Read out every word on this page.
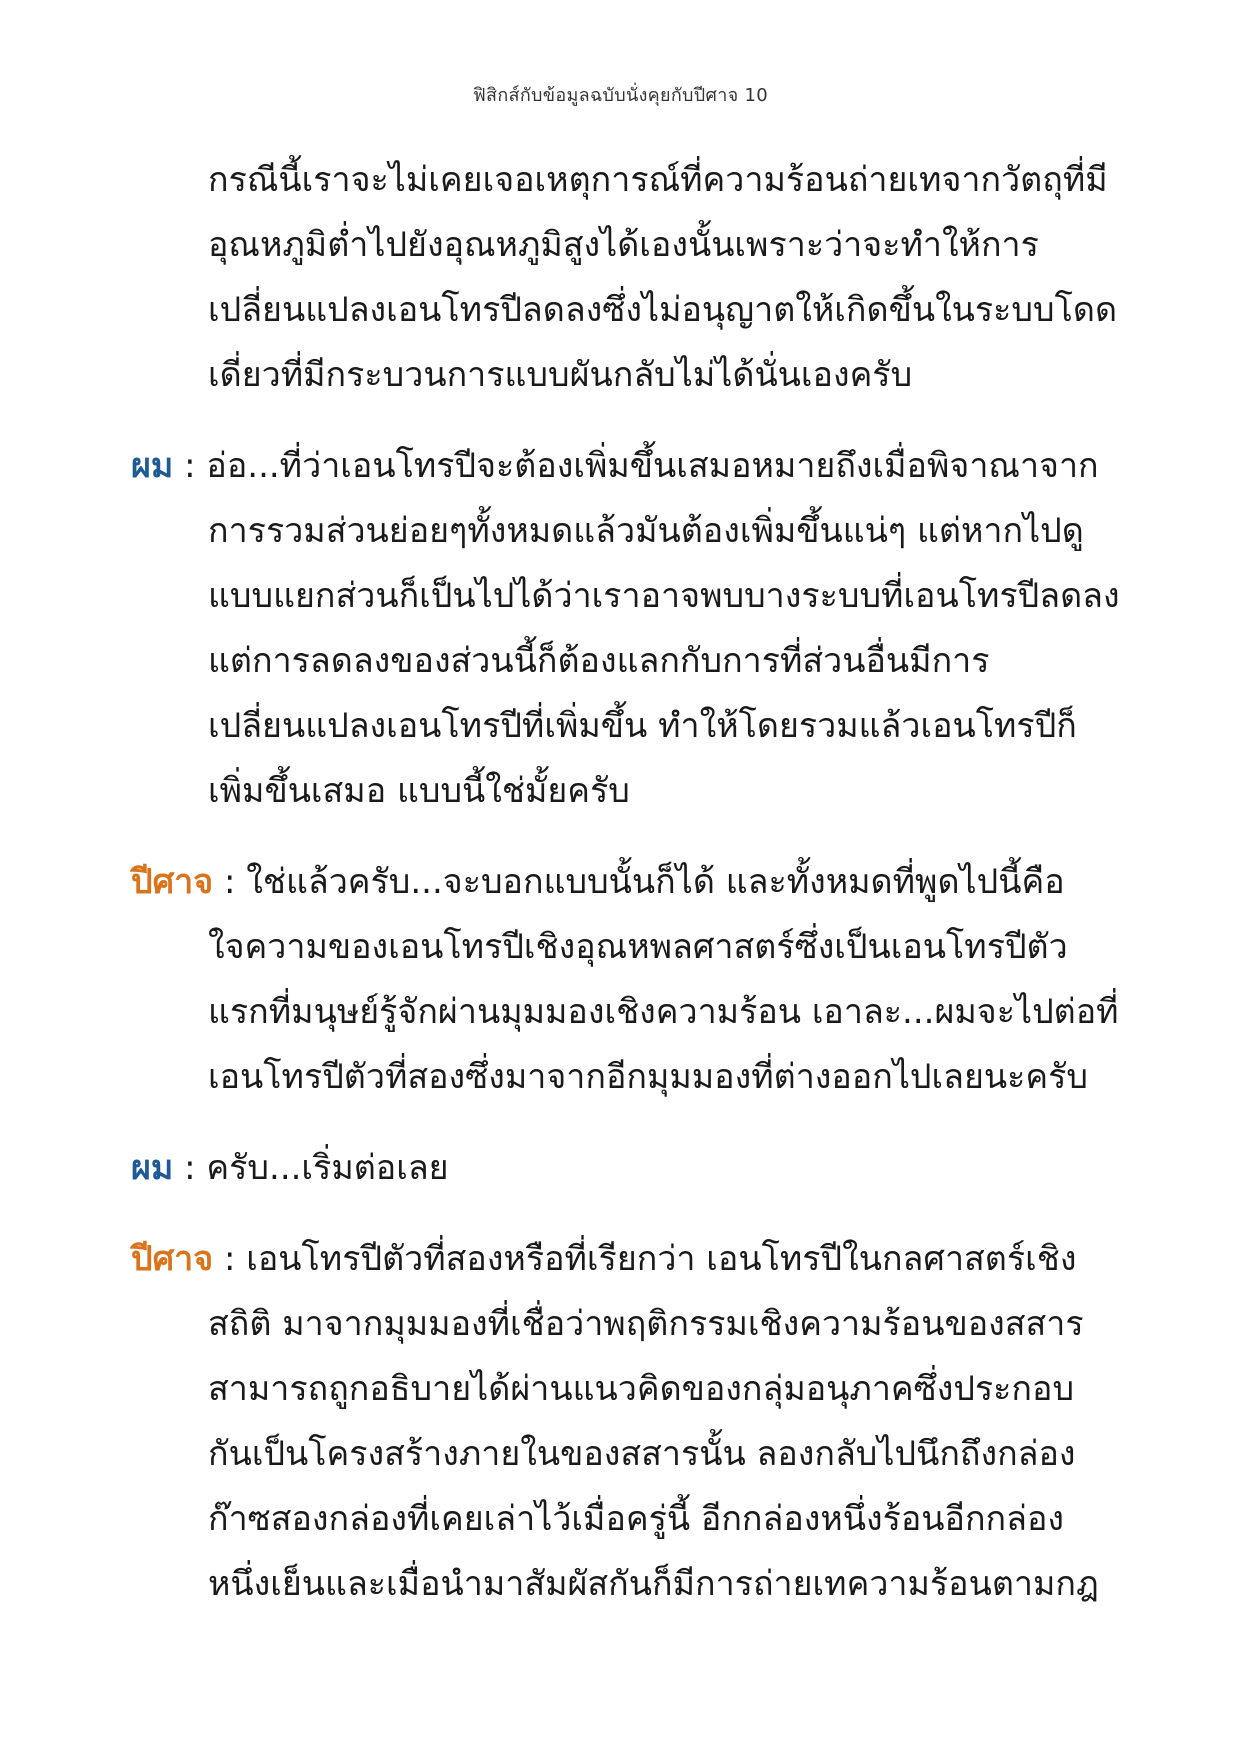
ฟิสิกส์กับข้อมูลฉบับนั่งคุยกับปีศาจ 10
กรณีนี้เราจะไม่เคยเจอเหตุการณ์ที่ความร้อนถ่ายเทจากวัตถุที่มี
อุณหภูมิต่ำไปยังอุณหภูมิสูงได้เองนั้นเพราะว่าจะทำให้การ
เปลี่ยนแปลงเอนโทรปีลดลงซึ่งไม่อนุญาตให้เกิดขึ้นในระบบโดด
เดี่ยวที่มีกระบวนการแบบผันกลับไม่ได้นั่นเองครับ
ผม : อ่อ...ที่ว่าเอนโทรปีจะต้องเพิ่มขึ้นเสมอหมายถึงเมื่อพิจาณาจาก
การรวมส่วนย่อยๆทั้งหมดแล้วมันต้องเพิ่มขึ้นแน่ๆ แต่หากไปดู
แบบแยกส่วนก็เป็นไปได้ว่าเราอาจพบบางระบบที่เอนโทรปีลดลง
แต่การลดลงของส่วนนี้ก็ต้องแลกกับการที่ส่วนอื่นมีการ
เปลี่ยนแปลงเอนโทรปีที่เพิ่มขึ้น ทำให้โดยรวมแล้วเอนโทรปีก็
เพิ่มขึ้นเสมอ แบบนี้ใช่มั้ยครับ
ปีศาจ : ใช่แล้วครับ...จะบอกแบบนั้นก็ได้ และทั้งหมดที่พูดไปนี้คือ
ใจความของเอนโทรปีเชิงอุณหพลศาสตร์ซึ่งเป็นเอนโทรปีตัว
แรกที่มนุษย์รู้จักผ่านมุมมองเชิงความร้อน เอาละ...ผมจะไปต่อที่
เอนโทรปีตัวที่สองซึ่งมาจากอีกมุมมองที่ต่างออกไปเลยนะครับ
ผม : ครับ...เริ่มต่อเลย
ปีศาจ : เอนโทรปีตัวที่สองหรือที่เรียกว่า เอนโทรปีในกลศาสตร์เชิง
สถิติ มาจากมุมมองที่เชื่อว่าพฤติกรรมเชิงความร้อนของสสาร
สามารถถูกอธิบายได้ผ่านแนวคิดของกลุ่มอนุภาคซึ่งประกอบ
กันเป็นโครงสร้างภายในของสสารนั้น ลองกลับไปนึกถึงกล่อง
ก๊าซสองกล่องที่เคยเล่าไว้เมื่อครู่นี้ อีกกล่องหนึ่งร้อนอีกกล่อง
หนึ่งเย็นและเมื่อนำมาสัมผัสกันก็มีการถ่ายเทความร้อนตามกฎ
